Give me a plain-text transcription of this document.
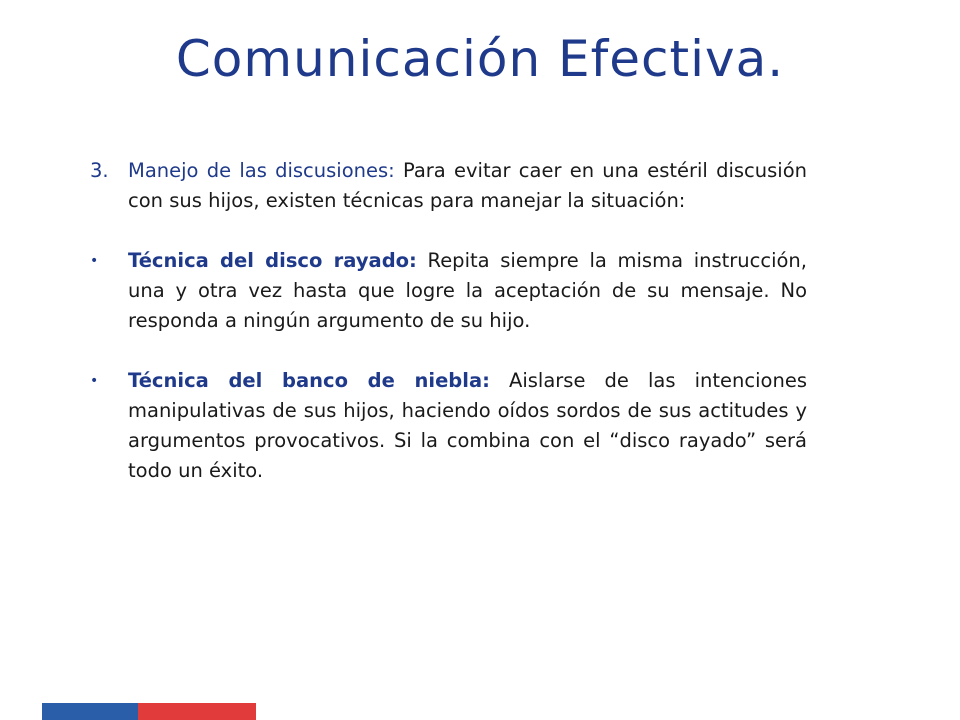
Comunicación Efectiva.
3. Manejo de las discusiones: Para evitar caer en una estéril discusión con sus hijos, existen técnicas para manejar la situación:
•	Técnica del disco rayado: Repita siempre la misma instrucción, una y otra vez hasta que logre la aceptación de su mensaje. No responda a ningún argumento de su hijo.
•	Técnica del banco de niebla: Aislarse de las intenciones manipulativas de sus hijos, haciendo oídos sordos de sus actitudes y argumentos provocativos. Si la combina con el “disco rayado” será todo un éxito.
